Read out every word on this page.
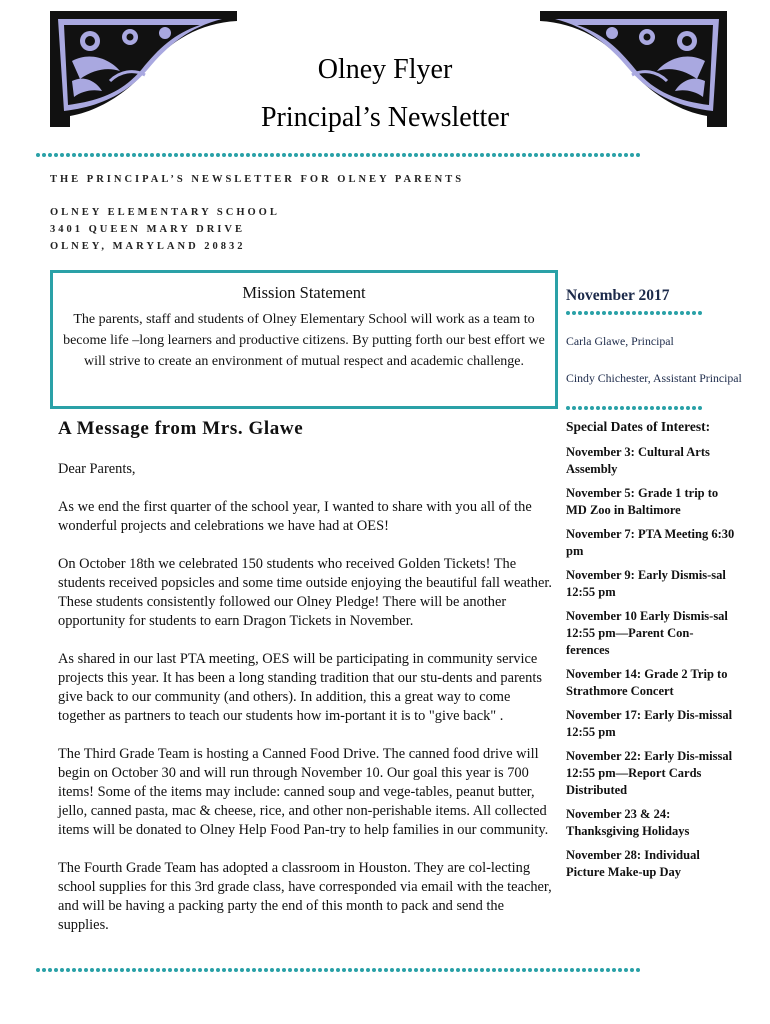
Olney Flyer
Principal’s Newsletter
THE PRINCIPAL’S NEWSLETTER FOR OLNEY PARENTS
OLNEY ELEMENTARY SCHOOL
3401 QUEEN MARY DRIVE
OLNEY, MARYLAND 20832
Mission Statement

The parents, staff and students of Olney Elementary School will work as a team to become life –long learners and productive citizens. By putting forth our best effort we will strive to create an environment of mutual respect and academic challenge.

November 2017
Carla Glawe, Principal
Cindy Chichester, Assistant Principal
Special Dates of Interest:
November 3: Cultural Arts Assembly
November 5: Grade 1 trip to MD Zoo in Baltimore
November 7: PTA Meeting 6:30 pm
November 9: Early Dismis-sal 12:55 pm
November 10 Early Dismis-sal 12:55 pm—Parent Con-ferences
November 14: Grade 2 Trip to Strathmore Concert
November 17: Early Dis-missal 12:55 pm
November 22: Early Dis-missal 12:55 pm—Report Cards Distributed
November 23 & 24: Thanksgiving Holidays
November 28: Individual Picture Make-up Day
A Message from Mrs. Glawe

Dear Parents,

As we end the first quarter of the school year, I wanted to share with you all of the wonderful projects and celebrations we have had at OES!

On October 18th we celebrated 150 students who received Golden Tickets! The students received popsicles and some time outside enjoying the beautiful fall weather. These students consistently followed our Olney Pledge! There will be another opportunity for students to earn Dragon Tickets in November.

As shared in our last PTA meeting, OES will be participating in community service projects this year. It has been a long standing tradition that our stu-dents and parents give back to our community (and others). In addition, this a great way to come together as partners to teach our students how im-portant it is to "give back" .

The Third Grade Team is hosting a Canned Food Drive. The canned food drive will begin on October 30 and will run through November 10. Our goal this year is 700 items! Some of the items may include: canned soup and vege-tables, peanut butter, jello, canned pasta, mac & cheese, rice, and other non-perishable items. All collected items will be donated to Olney Help Food Pan-try to help families in our community.

The Fourth Grade Team has adopted a classroom in Houston. They are col-lecting school supplies for this 3rd grade class, have corresponded via email with the teacher, and will be having a packing party the end of this month to pack and send the supplies.
